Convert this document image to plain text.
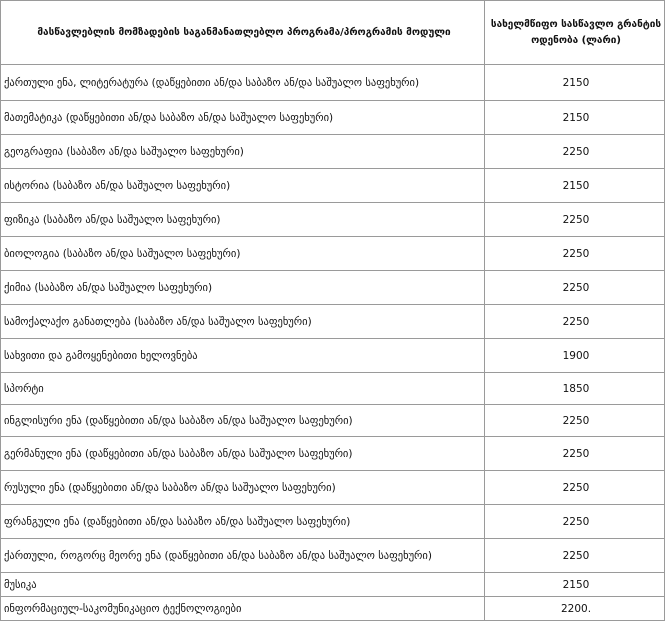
მასწავლებლის მომზადების საგანმანათლებლო პროგრამა/პროგრამის მოდული	სახელმწიფო სასწავლო გრანტის ოდენობა (ლარი)
ქართული ენა, ლიტერატურა (დაწყებითი ან/და საბაზო ან/და საშუალო საფეხური)	2150
მათემატიკა (დაწყებითი ან/და საბაზო ან/და საშუალო საფეხური)	2150
გეოგრაფია (საბაზო ან/და საშუალო საფეხური)	2250
ისტორია (საბაზო ან/და საშუალო საფეხური)	2150
ფიზიკა (საბაზო ან/და საშუალო საფეხური)	2250
ბიოლოგია (საბაზო ან/და საშუალო საფეხური)	2250
ქიმია (საბაზო ან/და საშუალო საფეხური)	2250
სამოქალაქო განათლება (საბაზო ან/და საშუალო საფეხური)	2250
სახვითი და გამოყენებითი ხელოვნება	1900
სპორტი	1850
ინგლისური ენა (დაწყებითი ან/და საბაზო ან/და საშუალო საფეხური)	2250
გერმანული ენა (დაწყებითი ან/და საბაზო ან/და საშუალო საფეხური)	2250
რუსული ენა (დაწყებითი ან/და საბაზო ან/და საშუალო საფეხური)	2250
ფრანგული ენა (დაწყებითი ან/და საბაზო ან/და საშუალო საფეხური)	2250
ქართული, როგორც მეორე ენა (დაწყებითი ან/და საბაზო ან/და საშუალო საფეხური)	2250
მუსიკა	2150
ინფორმაციულ-საკომუნიკაციო ტექნოლოგიები	2200.
